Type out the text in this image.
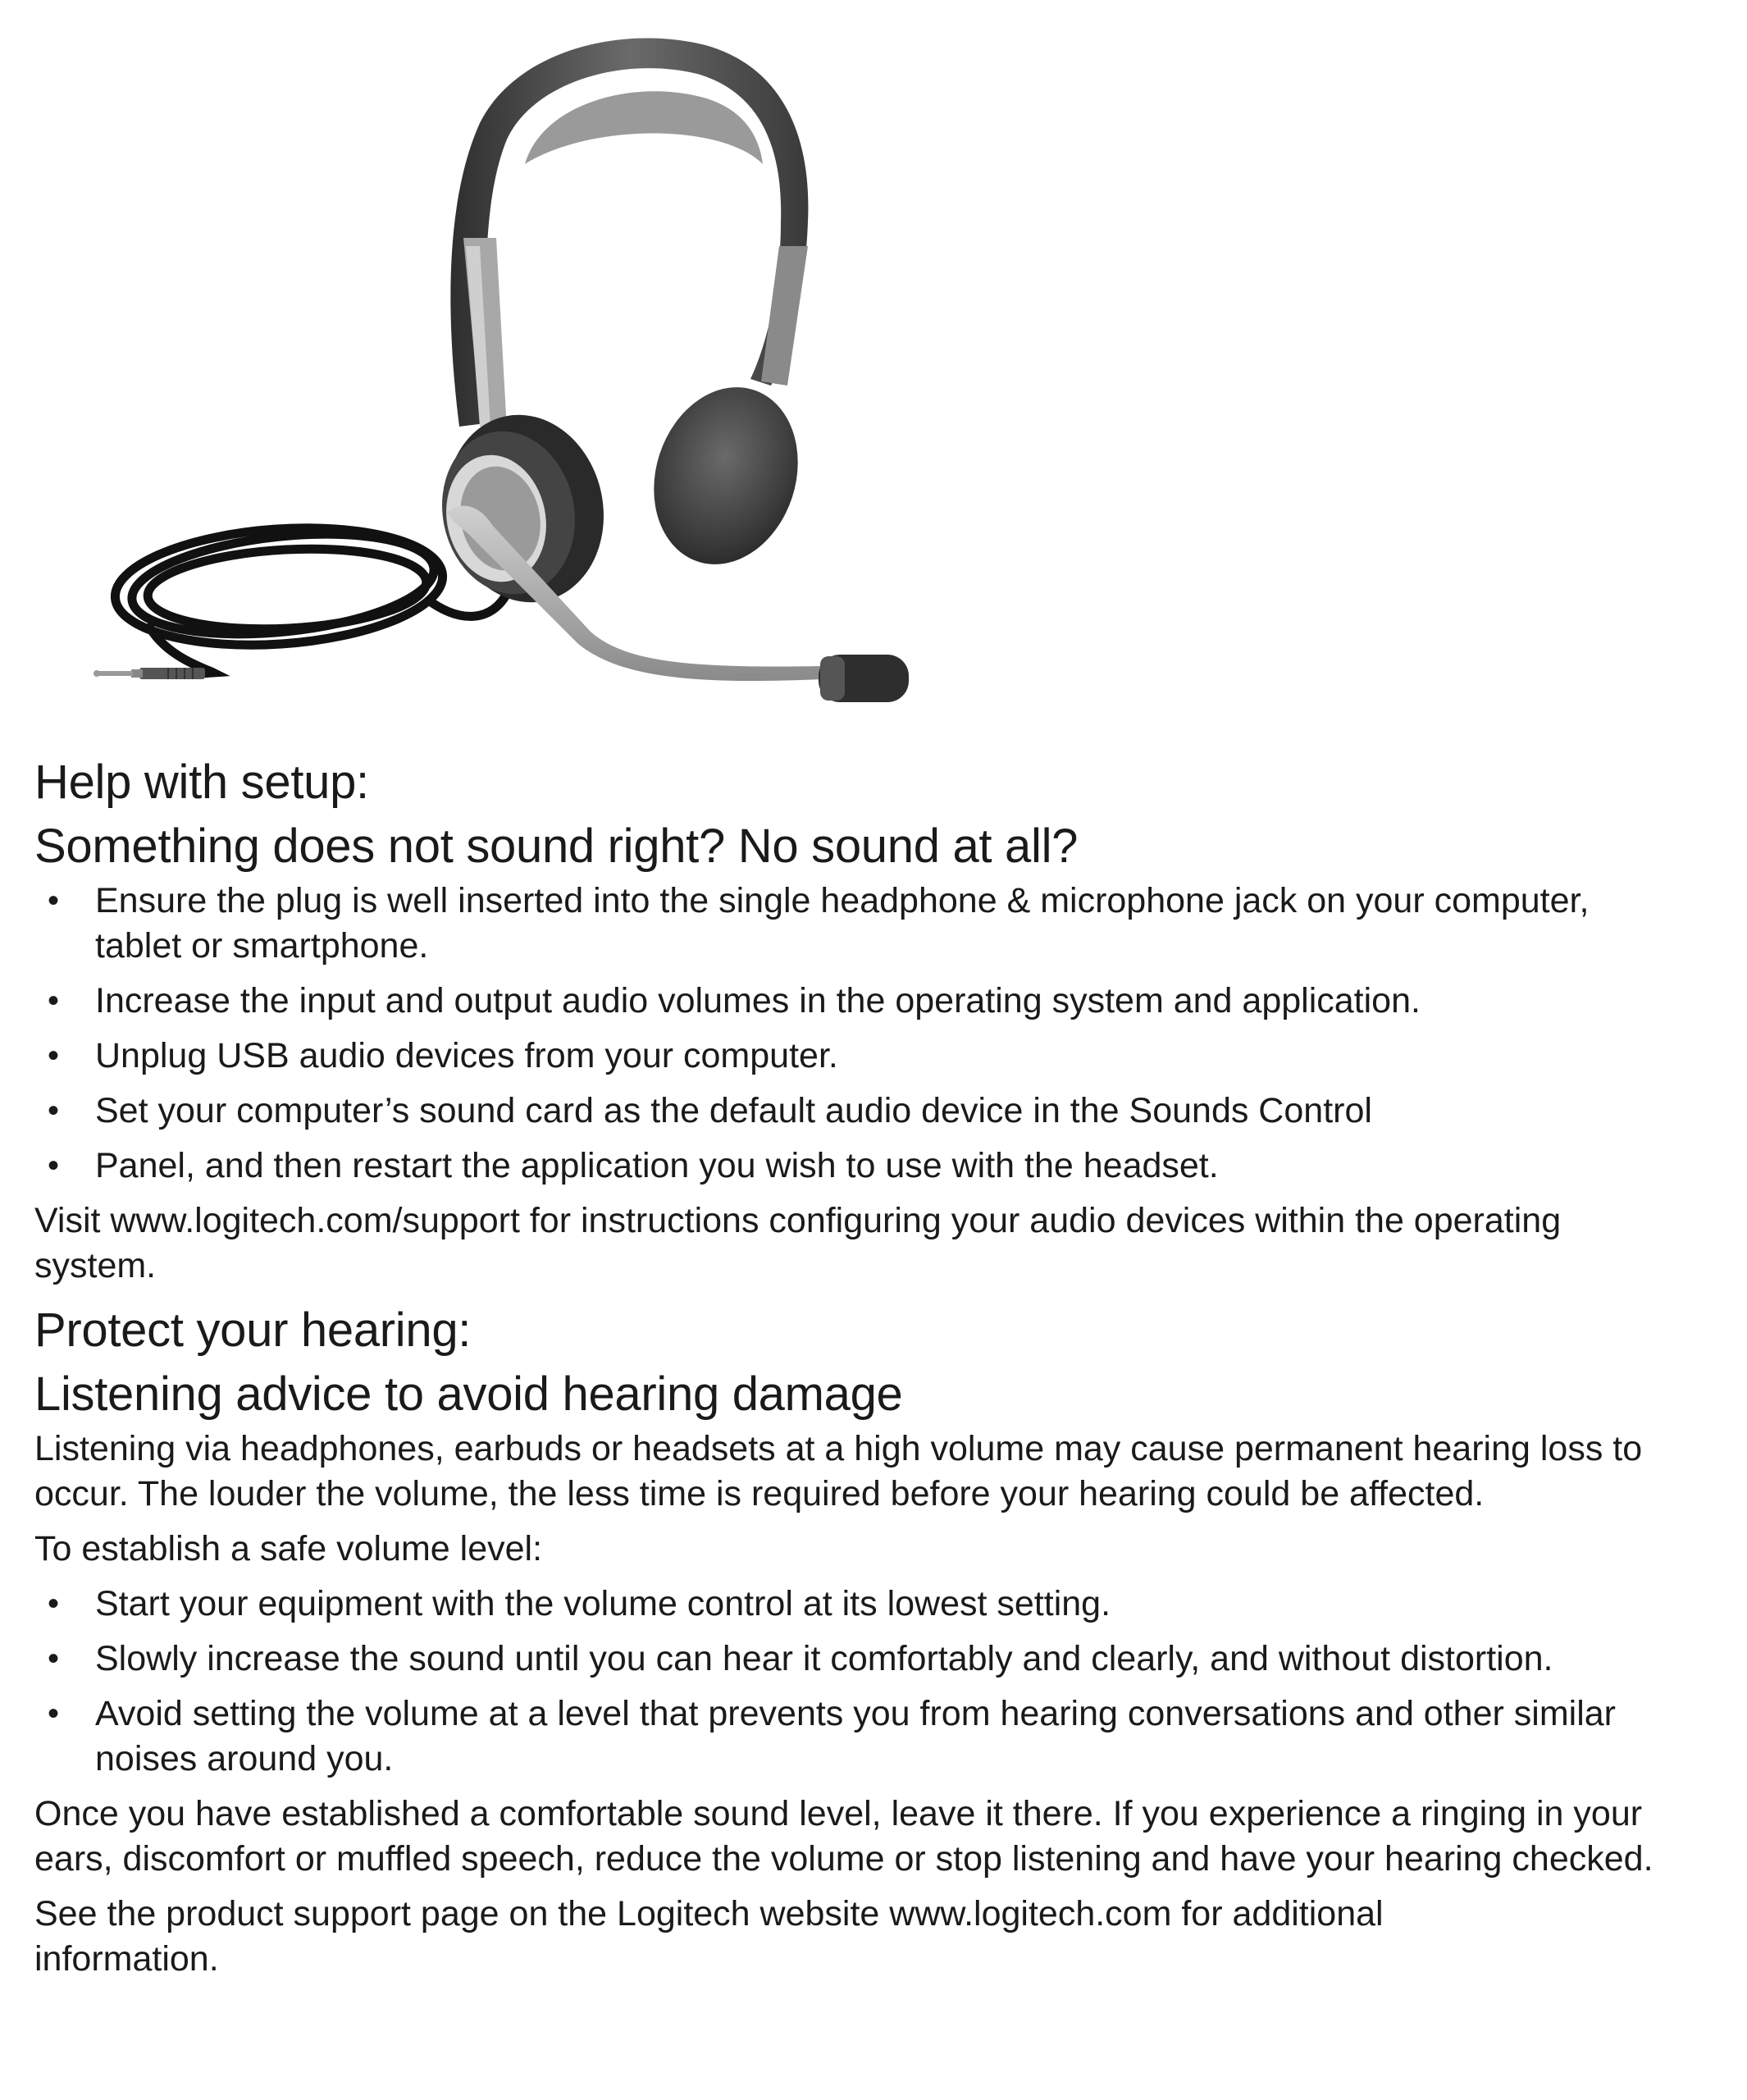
Help with setup:
Something does not sound right? No sound at all?
• Ensure the plug is well inserted into the single headphone & microphone jack on your computer, tablet or smartphone.
• Increase the input and output audio volumes in the operating system and application.
• Unplug USB audio devices from your computer.
• Set your computer’s sound card as the default audio device in the Sounds Control
• Panel, and then restart the application you wish to use with the headset.

Visit www.logitech.com/support for instructions configuring your audio devices within the operating system.

Protect your hearing:
Listening advice to avoid hearing damage

Listening via headphones, earbuds or headsets at a high volume may cause permanent hearing loss to occur. The louder the volume, the less time is required before your hearing could be affected.

To establish a safe volume level:

• Start your equipment with the volume control at its lowest setting.
• Slowly increase the sound until you can hear it comfortably and clearly, and without distortion.
• Avoid setting the volume at a level that prevents you from hearing conversations and other similar noises around you.

Once you have established a comfortable sound level, leave it there. If you experience a ringing in your ears, discomfort or muffled speech, reduce the volume or stop listening and have your hearing checked.

See the product support page on the Logitech website www.logitech.com for additional information.
